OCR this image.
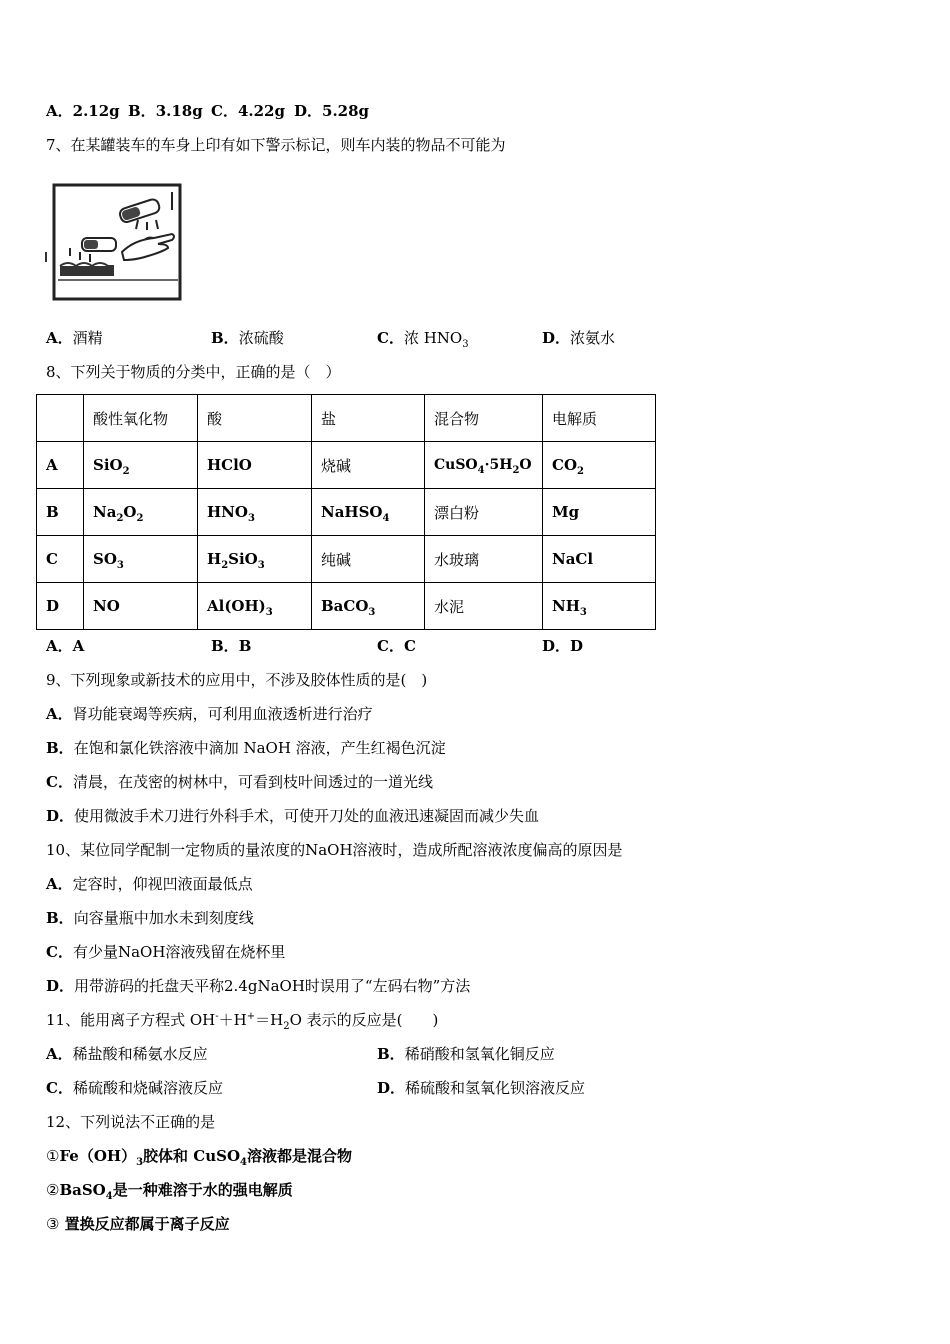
A．2.12g B．3.18g C．4.22g D．5.28g
7、在某罐装车的车身上印有如下警示标记，则车内装的物品不可能为
A．酒精	B．浓硫酸	C．浓 $HNO_3$	D．浓氨水
8、下列关于物质的分类中，正确的是（　）
	酸性氧化物	酸	盐	混合物	电解质
A	SiO$_2$	HClO	烧碱	$CuSO_4\cdot 5H_2O$	$CO_2$
B	$Na_2O_2$	$HNO_3$	NaHSO$_4$	漂白粉	Mg
C	$SO_3$	$H_2SiO_3$	纯碱	水玻璃	NaCl
D	NO	$Al(OH)_3$	BaCO$_3$	水泥	$NH_3$
A．A	B．B	C．C	D．D
9、下列现象或新技术的应用中，不涉及胶体性质的是(　)
A．肾功能衰竭等疾病，可利用血液透析进行治疗
B．在饱和氯化铁溶液中滴加 NaOH 溶液，产生红褐色沉淀
C．清晨，在茂密的树林中，可看到枝叶间透过的一道光线
D．使用微波手术刀进行外科手术，可使开刀处的血液迅速凝固而减少失血
10、某位同学配制一定物质的量浓度的NaOH溶液时，造成所配溶液浓度偏高的原因是
A．定容时，仰视凹液面最低点
B．向容量瓶中加水未到刻度线
C．有少量NaOH溶液残留在烧杯里
D．用带游码的托盘天平称2.4gNaOH时误用了“左码右物”方法
11、能用离子方程式 $OH^-+H^+=H_2O$ 表示的反应是(　　)
A．稀盐酸和稀氨水反应	B．稀硝酸和氢氧化铜反应
C．稀硫酸和烧碱溶液反应	D．稀硫酸和氢氧化钡溶液反应
12、下列说法不正确的是
$①Fe(OH)_3$胶体和 CuSO$_4$溶液都是混合物
②BaSO$_4$是一种难溶于水的强电解质
③ 置换反应都属于离子反应
